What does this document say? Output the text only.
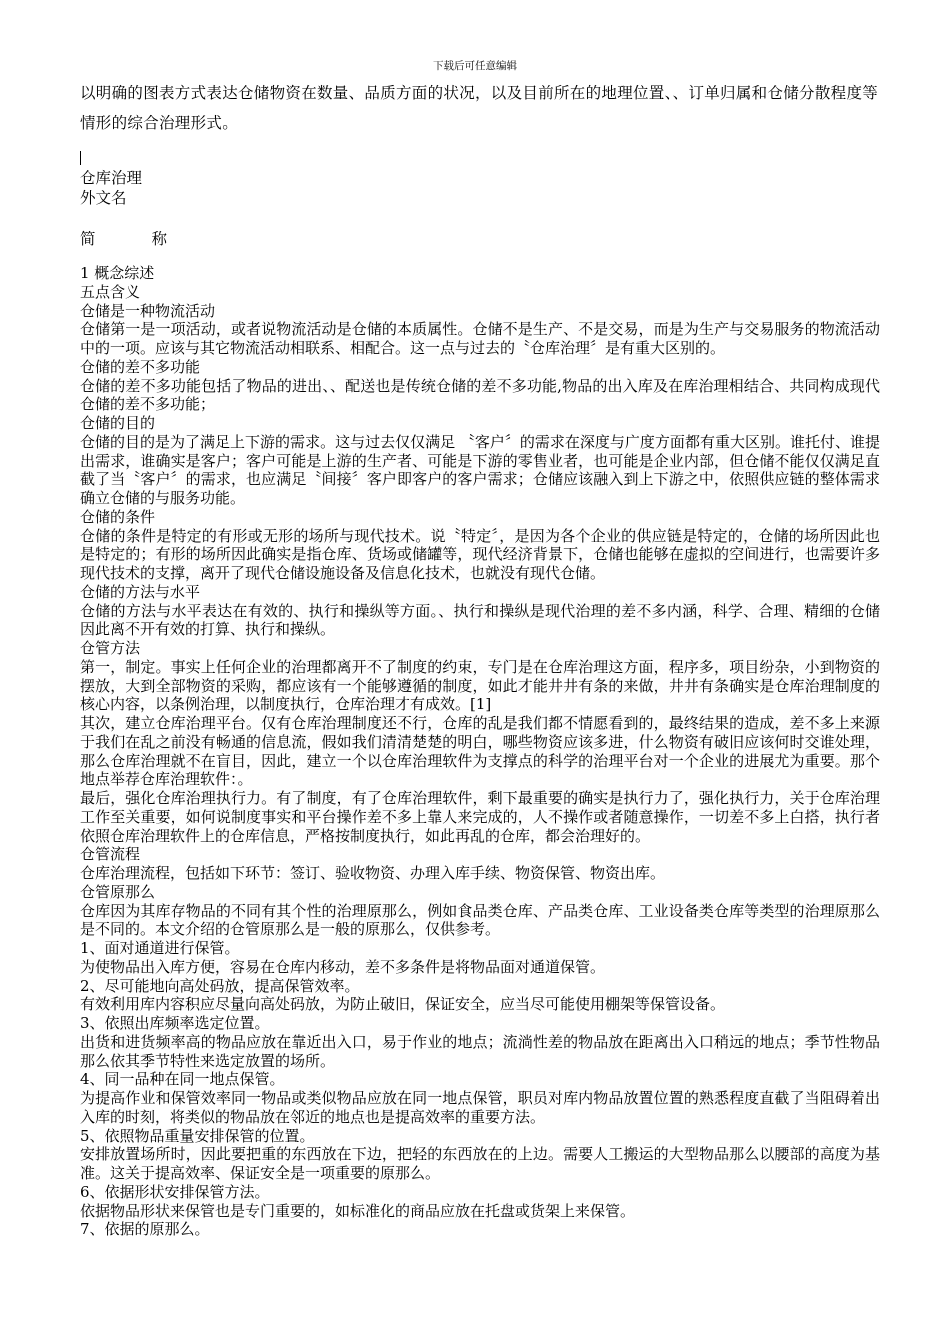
下载后可任意编辑
以明确的图表方式表达仓储物资在数量、品质方面的状况，以及目前所在的地理位置、、订单归属和仓储分散程度等情形的综合治理形式。
仓库治理
外文名
简	称

1 概念综述

五点含义

仓储是一种物流活动

仓储第一是一项活动，或者说物流活动是仓储的本质属性。仓储不是生产、不是交易，而是为生产与交易服务的物流活动中的一项。应该与其它物流活动相联系、相配合。这一点与过去的〝仓库治理〞是有重大区别的。

仓储的差不多功能

仓储的差不多功能包括了物品的进出、、配送也是传统仓储的差不多功能,物品的出入库及在库治理相结合、共同构成现代仓储的差不多功能；

仓储的目的

仓储的目的是为了满足上下游的需求。这与过去仅仅满足 〝客户〞的需求在深度与广度方面都有重大区别。谁托付、谁提出需求，谁确实是客户；客户可能是上游的生产者、可能是下游的零售业者，也可能是企业内部，但仓储不能仅仅满足直截了当〝客户〞的需求，也应满足〝间接〞客户即客户的客户需求；仓储应该融入到上下游之中，依照供应链的整体需求确立仓储的与服务功能。

仓储的条件

仓储的条件是特定的有形或无形的场所与现代技术。说〝特定〞，是因为各个企业的供应链是特定的，仓储的场所因此也是特定的；有形的场所因此确实是指仓库、货场或储罐等，现代经济背景下，仓储也能够在虚拟的空间进行，也需要许多现代技术的支撑，离开了现代仓储设施设备及信息化技术，也就没有现代仓储。

仓储的方法与水平

仓储的方法与水平表达在有效的、执行和操纵等方面。、执行和操纵是现代治理的差不多内涵，科学、合理、精细的仓储因此离不开有效的打算、执行和操纵。

仓管方法

第一，制定。事实上任何企业的治理都离开不了制度的约束，专门是在仓库治理这方面，程序多，项目纷杂，小到物资的摆放，大到全部物资的采购，都应该有一个能够遵循的制度，如此才能井井有条的来做，井井有条确实是仓库治理制度的核心内容，以条例治理，以制度执行，仓库治理才有成效。[1]

其次，建立仓库治理平台。仅有仓库治理制度还不行，仓库的乱是我们都不情愿看到的，最终结果的造成，差不多上来源于我们在乱之前没有畅通的信息流，假如我们清清楚楚的明白，哪些物资应该多进，什么物资有破旧应该何时交谁处理，那么仓库治理就不在盲目，因此，建立一个以仓库治理软件为支撑点的科学的治理平台对一个企业的进展尤为重要。那个地点举荐仓库治理软件：。

最后，强化仓库治理执行力。有了制度，有了仓库治理软件，剩下最重要的确实是执行力了，强化执行力，关于仓库治理工作至关重要，如何说制度事实和平台操作差不多上靠人来完成的，人不操作或者随意操作，一切差不多上白搭，执行者依照仓库治理软件上的仓库信息，严格按制度执行，如此再乱的仓库，都会治理好的。

仓管流程

仓库治理流程，包括如下环节：签订、验收物资、办理入库手续、物资保管、物资出库。

仓管原那么

仓库因为其库存物品的不同有其个性的治理原那么，例如食品类仓库、产品类仓库、工业设备类仓库等类型的治理原那么是不同的。本文介绍的仓管原那么是一般的原那么，仅供参考。

1、面对通道进行保管。

为使物品出入库方便，容易在仓库内移动，差不多条件是将物品面对通道保管。

2、尽可能地向高处码放，提高保管效率。

有效利用库内容积应尽量向高处码放，为防止破旧，保证安全，应当尽可能使用棚架等保管设备。

3、依照出库频率选定位置。

出货和进货频率高的物品应放在靠近出入口，易于作业的地点；流淌性差的物品放在距离出入口稍远的地点；季节性物品那么依其季节特性来选定放置的场所。

4、同一品种在同一地点保管。

为提高作业和保管效率同一物品或类似物品应放在同一地点保管，职员对库内物品放置位置的熟悉程度直截了当阻碍着出入库的时刻，将类似的物品放在邻近的地点也是提高效率的重要方法。

5、依照物品重量安排保管的位置。

安排放置场所时，因此要把重的东西放在下边，把轻的东西放在的上边。需要人工搬运的大型物品那么以腰部的高度为基准。这关于提高效率、保证安全是一项重要的原那么。

6、依据形状安排保管方法。

依据物品形状来保管也是专门重要的，如标准化的商品应放在托盘或货架上来保管。

7、依据的原那么。
